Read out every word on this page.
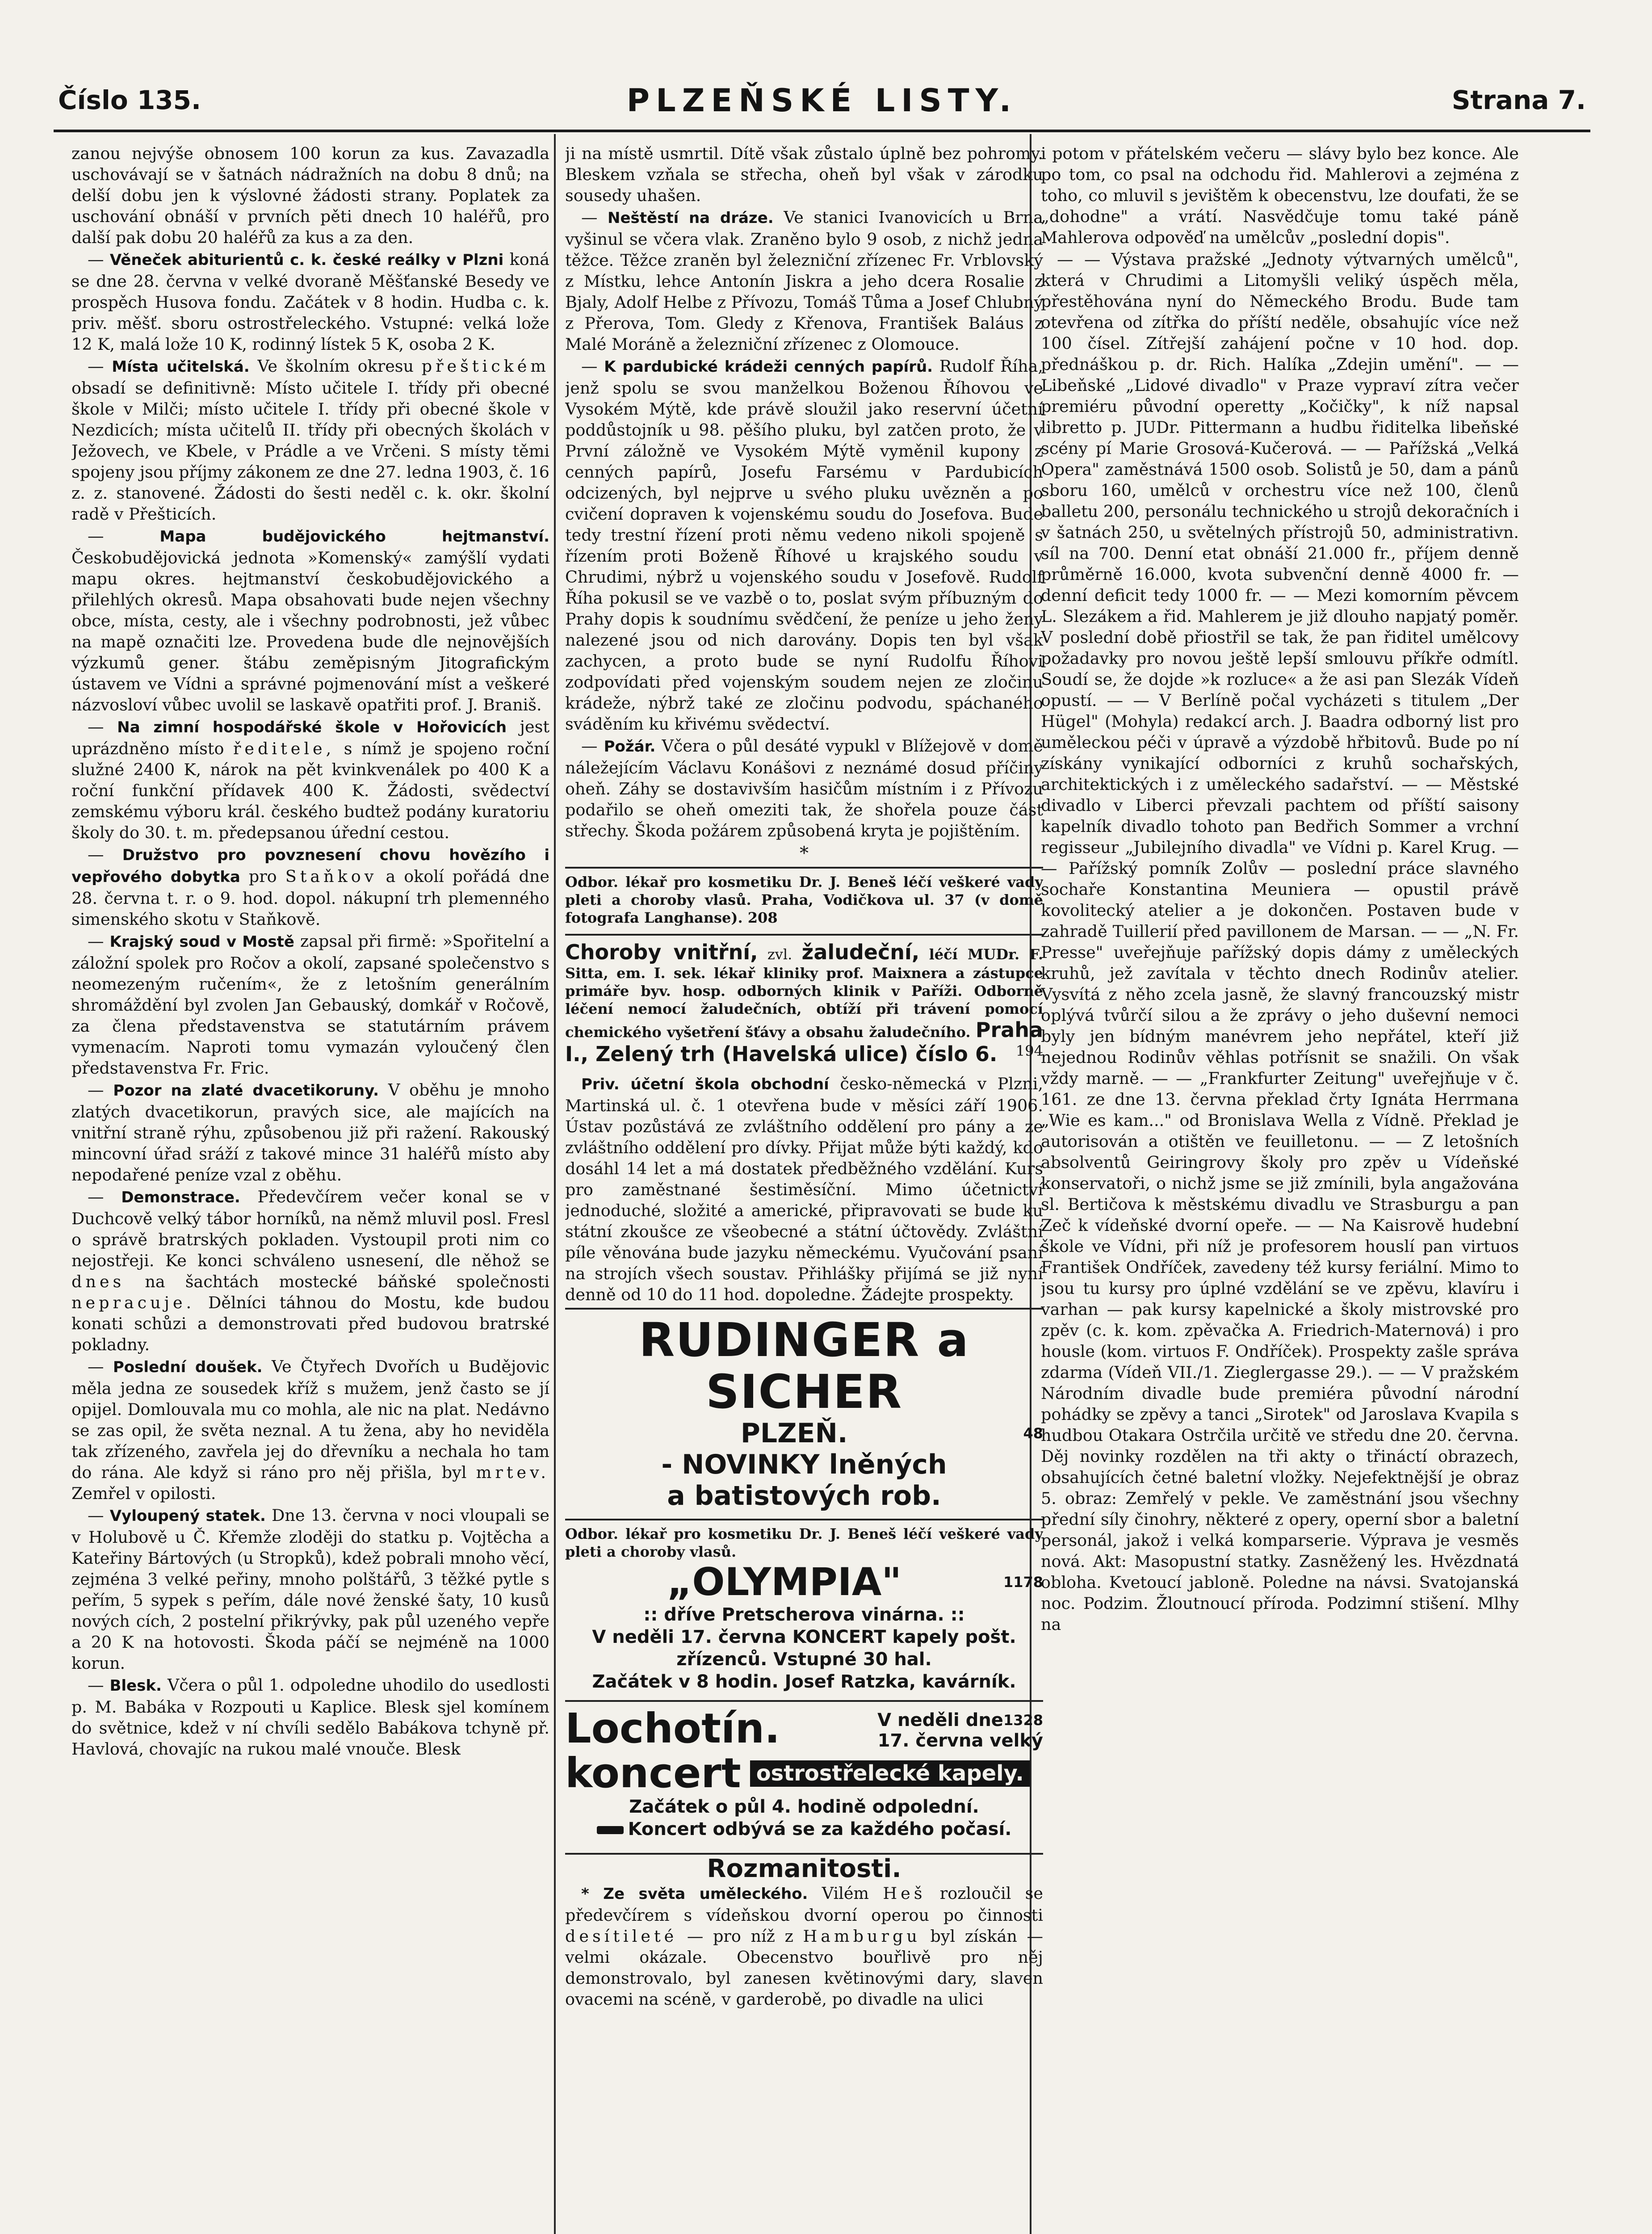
Číslo 135.	PLZEŇSKÉ LISTY.	Strana 7.

zanou nejvýše obnosem 100 korun za kus. Zavazadla uschovávají se v šatnách nádražních na dobu 8 dnů; na delší dobu jen k výslovné žádosti strany. Poplatek za uschování obnáší v prvních pěti dnech 10 haléřů, pro další pak dobu 20 haléřů za kus a za den.

— Věneček abiturientů c. k. české reálky v Plzni koná se dne 28. června v velké dvoraně Měšťanské Besedy ve prospěch Husova fondu. Začátek v 8 hodin. Hudba c. k. priv. měšť. sboru ostrostřeleckého. Vstupné: velká lože 12 K, malá lože 10 K, rodinný lístek 5 K, osoba 2 K.

— Místa učitelská. Ve školním okresu přeštickém obsadí se definitivně: Místo učitele I. třídy při obecné škole v Milči; místo učitele I. třídy při obecné škole v Nezdicích; místa učitelů II. třídy při obecných školách v Ježovech, ve Kbele, v Prádle a ve Vrčeni. S místy těmi spojeny jsou příjmy zákonem ze dne 27. ledna 1903, č. 16 z. z. stanovené. Žádosti do šesti neděl c. k. okr. školní radě v Přešticích.

— Mapa budějovického hejtmanství. Českobudějovická jednota »Komenský« zamýšlí vydati mapu okres. hejtmanství českobudějovického a přilehlých okresů. Mapa obsahovati bude nejen všechny obce, místa, cesty, ale i všechny podrobnosti, jež vůbec na mapě označiti lze. Provedena bude dle nejnovějších výzkumů gener. štábu zeměpisným Jitografickým ústavem ve Vídni a správné pojmenování míst a veškeré názvosloví vůbec uvolil se laskavě opatřiti prof. J. Braniš.

— Na zimní hospodářské škole v Hořovicích jest uprázdněno místo ředitele, s nímž je spojeno roční služné 2400 K, nárok na pět kvinkvenálek po 400 K a roční funkční přídavek 400 K. Žádosti, svědectví zemskému výboru král. českého budtež podány kuratoriu školy do 30. t. m. předepsanou úřední cestou.

— Družstvo pro povznesení chovu hovězího i vepřového dobytka pro Staňkov a okolí pořádá dne 28. června t. r. o 9. hod. dopol. nákupní trh plemenného simenského skotu v Staňkově.

— Krajský soud v Mostě zapsal při firmě: »Spořitelní a záložní spolek pro Ročov a okolí, zapsané společenstvo s neomezeným ručením«, že z letošním generálním shromáždění byl zvolen Jan Gebauský, domkář v Ročově, za člena představenstva se statutárním právem vymenacím. Naproti tomu vymazán vyloučený člen představenstva Fr. Fric.

— Pozor na zlaté dvacetikoruny. V oběhu je mnoho zlatých dvacetikorun, pravých sice, ale majících na vnitřní straně rýhu, způsobenou již při ražení. Rakouský mincovní úřad sráží z takové mince 31 haléřů místo aby nepodařené peníze vzal z oběhu.

— Demonstrace. Předevčírem večer konal se v Duchcově velký tábor horníků, na němž mluvil posl. Fresl o správě bratrských pokladen. Vystoupil proti nim co nejostřeji. Ke konci schváleno usnesení, dle něhož se dnes na šachtách mostecké báňské společnosti nepracuje. Dělníci táhnou do Mostu, kde budou konati schůzi a demonstrovati před budovou bratrské pokladny.

— Poslední doušek. Ve Čtyřech Dvořích u Budějovic měla jedna ze sousedek kříž s mužem, jenž často se jí opijel. Domlouvala mu co mohla, ale nic na plat. Nedávno se zas opil, že světa neznal. A tu žena, aby ho neviděla tak zřízeného, zavřela jej do dřevníku a nechala ho tam do rána. Ale když si ráno pro něj přišla, byl mrtev. Zemřel v opilosti.

— Vyloupený statek. Dne 13. června v noci vloupali se v Holubově u Č. Křemže zloději do statku p. Vojtěcha a Kateřiny Bártových (u Stropků), kdež pobrali mnoho věcí, zejména 3 velké peřiny, mnoho polštářů, 3 těžké pytle s peřím, 5 sypek s peřím, dále nové ženské šaty, 10 kusů nových cích, 2 postelní přikrývky, pak půl uzeného vepře a 20 K na hotovosti. Škoda páčí se nejméně na 1000 korun.

— Blesk. Včera o půl 1. odpoledne uhodilo do usedlosti p. M. Babáka v Rozpouti u Kaplice. Blesk sjel komínem do světnice, kdež v ní chvíli sedělo Babákova tchyně př. Havlová, chovajíc na rukou malé vnouče. Blesk

ji na místě usmrtil. Dítě však zůstalo úplně bez pohromy. Bleskem vzňala se střecha, oheň byl však v zárodku sousedy uhašen.

— Neštěstí na dráze. Ve stanici Ivanovicích u Brna vyšinul se včera vlak. Zraněno bylo 9 osob, z nichž jedna těžce. Těžce zraněn byl železniční zřízenec Fr. Vrblovský z Místku, lehce Antonín Jiskra a jeho dcera Rosalie z Bjaly, Adolf Helbe z Přívozu, Tomáš Tůma a Josef Chlubný z Přerova, Tom. Gledy z Křenova, František Baláus z Malé Moráně a železniční zřízenec z Olomouce.

— K pardubické krádeži cenných papírů. Rudolf Říha, jenž spolu se svou manželkou Boženou Říhovou ve Vysokém Mýtě, kde právě sloužil jako reservní účetní poddůstojník u 98. pěšího pluku, byl zatčen proto, že v První záložně ve Vysokém Mýtě vyměnil kupony z cenných papírů, Josefu Farsému v Pardubicích odcizených, byl nejprve u svého pluku uvězněn a po cvičení dopraven k vojenskému soudu do Josefova. Bude tedy trestní řízení proti němu vedeno nikoli spojeně s řízením proti Boženě Říhové u krajského soudu v Chrudimi, nýbrž u vojenského soudu v Josefově. Rudolf Říha pokusil se ve vazbě o to, poslat svým příbuzným do Prahy dopis k soudnímu svědčení, že peníze u jeho ženy nalezené jsou od nich darovány. Dopis ten byl však zachycen, a proto bude se nyní Rudolfu Říhovi zodpovídati před vojenským soudem nejen ze zločinu krádeže, nýbrž také ze zločinu podvodu, spáchaného sváděním ku křivému svědectví.

— Požár. Včera o půl desáté vypukl v Blížejově v domě náležejícím Václavu Konášovi z neznámé dosud příčiny oheň. Záhy se dostavivším hasičům místním i z Přívozu podařilo se oheň omeziti tak, že shořela pouze část střechy. Škoda požárem způsobená kryta je pojištěním.

*
Odbor. lékař pro kosmetiku Dr. J. Beneš léčí veškeré vady pleti a choroby vlasů. Praha, Vodičkova ul. 37 (v domě fotografa Langhanse). 208
Choroby vnitřní, zvl. žaludeční, léčí MUDr. F. Sitta, em. I. sek. lékař kliniky prof. Maixnera a zástupce primáře byv. hosp. odborných klinik v Paříži. Odborně léčení nemocí žaludečních, obtíží při trávení pomocí chemického vyšetření šťávy a obsahu žaludečního. Praha I., Zelený trh (Havelská ulice) číslo 6. 194

Priv. účetní škola obchodní česko-německá v Plzni, Martinská ul. č. 1 otevřena bude v měsíci září 1906. Ústav pozůstává ze zvláštního oddělení pro pány a ze zvláštního oddělení pro dívky. Přijat může býti každý, kdo dosáhl 14 let a má dostatek předběžného vzdělání. Kurs pro zaměstnané šestiměsíční. Mimo účetnictví jednoduché, složité a americké, připravovati se bude ku státní zkoušce ze všeobecné a státní účtovědy. Zvláštní píle věnována bude jazyku německému. Vyučování psaní na strojích všech soustav. Přihlášky přijímá se již nyní denně od 10 do 11 hod. dopoledne. Žádejte prospekty.

RUDINGER a SICHER
PLZEŇ.	48
- NOVINKY lněných
a batistových rob.
Odbor. lékař pro kosmetiku Dr. J. Beneš léčí veškeré vady pleti a choroby vlasů.
„OLYMPIA"	1178
:: dříve Pretscherova vinárna. ::
V neděli 17. června KONCERT kapely pošt. zřízenců. Vstupné 30 hal.
Začátek v 8 hodin. Josef Ratzka, kavárník.
Lochotín.	V neděli dne 1328
17. června velký
koncert ostrostřelecké kapely.
Začátek o půl 4. hodině odpolední.
Koncert odbývá se za každého počasí.
Rozmanitosti.

* Ze světa uměleckého. Vilém Heš rozloučil se předevčírem s vídeňskou dvorní operou po činnosti desítileté — pro níž z Hamburgu byl získán — velmi okázale. Obecenstvo bouřlivě pro něj demonstrovalo, byl zanesen květinovými dary, slaven ovacemi na scéně, v garderobě, po divadle na ulici

i potom v přátelském večeru — slávy bylo bez konce. Ale po tom, co psal na odchodu řid. Mahlerovi a zejména z toho, co mluvil s jevištěm k obecenstvu, lze doufati, že se „dohodne" a vrátí. Nasvědčuje tomu také páně Mahlerova odpověď na umělcův „poslední dopis".

— — Výstava pražské „Jednoty výtvarných umělců", která v Chrudimi a Litomyšli veliký úspěch měla, přestěhována nyní do Německého Brodu. Bude tam otevřena od zítřka do příští neděle, obsahujíc více než 100 čísel. Zítřejší zahájení počne v 10 hod. dop. přednáškou p. dr. Rich. Halíka „Zdejin umění". — — Libeňské „Lidové divadlo" v Praze vypraví zítra večer premiéru původní operetty „Kočičky", k níž napsal libretto p. JUDr. Pittermann a hudbu řiditelka libeňské scény pí Marie Grosová-Kučerová. — — Pařížská „Velká Opera" zaměstnává 1500 osob. Solistů je 50, dam a pánů sboru 160, umělců v orchestru více než 100, členů balletu 200, personálu technického u strojů dekoračních i v šatnách 250, u světelných přístrojů 50, administrativn. síl na 700. Denní etat obnáší 21.000 fr., příjem denně průměrně 16.000, kvota subvenční denně 4000 fr. — denní deficit tedy 1000 fr. — — Mezi komorním pěvcem L. Slezákem a řid. Mahlerem je již dlouho napjatý poměr. V poslední době přiostřil se tak, že pan řiditel umělcovy požadavky pro novou ještě lepší smlouvu příkře odmítl. Soudí se, že dojde »k rozluce« a že asi pan Slezák Vídeň opustí. — — V Berlíně počal vycházeti s titulem „Der Hügel" (Mohyla) redakcí arch. J. Baadra odborný list pro uměleckou péči v úpravě a výzdobě hřbitovů. Bude po ní získány vynikající odborníci z kruhů sochařských, architektických i z uměleckého sadařství. — — Městské divadlo v Liberci převzali pachtem od příští saisony kapelník divadlo tohoto pan Bedřich Sommer a vrchní regisseur „Jubilejního divadla" ve Vídni p. Karel Krug. — — Pařížský pomník Zolův — poslední práce slavného sochaře Konstantina Meuniera — opustil právě kovolitecký atelier a je dokončen. Postaven bude v zahradě Tuillerií před pavillonem de Marsan. — — „N. Fr. Presse" uveřejňuje pařížský dopis dámy z uměleckých kruhů, jež zavítala v těchto dnech Rodinův atelier. Vysvítá z něho zcela jasně, že slavný francouzský mistr oplývá tvůrčí silou a že zprávy o jeho duševní nemoci byly jen bídným manévrem jeho nepřátel, kteří již nejednou Rodinův věhlas potřísnit se snažili. On však vždy marně. — — „Frankfurter Zeitung" uveřejňuje v č. 161. ze dne 13. června překlad črty Ignáta Herrmana „Wie es kam..." od Bronislava Wella z Vídně. Překlad je autorisován a otištěn ve feuilletonu. — — Z letošních absolventů Geiringrovy školy pro zpěv u Vídeňské konservatoři, o nichž jsme se již zmínili, byla angažována sl. Bertičova k městskému divadlu ve Strasburgu a pan Zeč k vídeňské dvorní opeře. — — Na Kaisrově hudební škole ve Vídni, při níž je profesorem houslí pan virtuos František Ondříček, zavedeny též kursy feriální. Mimo to jsou tu kursy pro úplné vzdělání se ve zpěvu, klavíru i varhan — pak kursy kapelnické a školy mistrovské pro zpěv (c. k. kom. zpěvačka A. Friedrich-Maternová) i pro housle (kom. virtuos F. Ondříček). Prospekty zašle správa zdarma (Vídeň VII./1. Zieglergasse 29.). — — V pražském Národním divadle bude premiéra původní národní pohádky se zpěvy a tanci „Sirotek" od Jaroslava Kvapila s hudbou Otakara Ostrčila určitě ve středu dne 20. června. Děj novinky rozdělen na tři akty o třináctí obrazech, obsahujících četné baletní vložky. Nejefektnější je obraz 5. obraz: Zemřelý v pekle. Ve zaměstnání jsou všechny přední síly činohry, některé z opery, operní sbor a baletní personál, jakož i velká komparserie. Výprava je vesměs nová. Akt: Masopustní statky. Zasněžený les. Hvězdnatá obloha. Kvetoucí jabloně. Poledne na návsi. Svatojanská noc. Podzim. Žloutnoucí příroda. Podzimní stišení. Mlhy na
